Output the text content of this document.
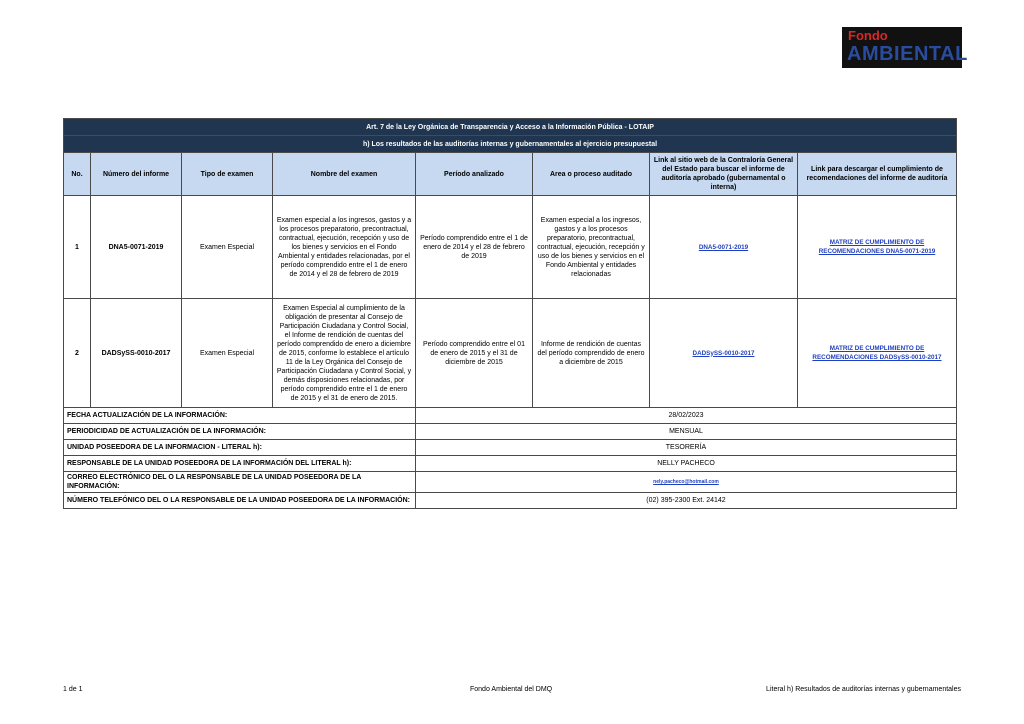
Fondo
AMBIENTAL
Art. 7 de la Ley Orgánica de Transparencia y Acceso a la Información Pública - LOTAIP							
h) Los resultados de las auditorías internas y gubernamentales al ejercicio presupuestal							
No.	Número del informe	Tipo de examen	Nombre del examen	Período analizado	Area o proceso auditado	Link al sitio web de la Contraloría General del Estado para buscar el informe de auditoría aprobado (gubernamental o interna)	Link para descargar el cumplimiento de recomendaciones del informe de auditoría
1	DNA5-0071-2019	Examen Especial	Examen especial a los ingresos, gastos y a los procesos preparatorio, precontractual, contractual, ejecución, recepción y uso de los bienes y servicios en el Fondo Ambiental y entidades relacionadas, por el período comprendido entre el 1 de enero de 2014 y el 28 de febrero de 2019	Período comprendido entre el 1 de enero de 2014 y el 28 de febrero de 2019	Examen especial a los ingresos, gastos y a los procesos preparatorio, precontractual, contractual, ejecución, recepción y uso de los bienes y servicios en el Fondo Ambiental y entidades relacionadas	DNA5-0071-2019	MATRIZ DE CUMPLIMIENTO DE RECOMENDACIONES DNA5-0071-2019
2	DADSySS-0010-2017	Examen Especial	Examen Especial al cumplimiento de la obligación de presentar al Consejo de Participación Ciudadana y Control Social, el Informe de rendición de cuentas del período comprendido de enero a diciembre de 2015, conforme lo establece el artículo 11 de la Ley Orgánica del Consejo de Participación Ciudadana y Control Social, y demás disposiciones relacionadas, por período comprendido entre el 1 de enero de 2015 y el 31 de enero de 2015.	Período comprendido entre el 01 de enero de 2015 y el 31 de diciembre de 2015	Informe de rendición de cuentas del período comprendido de enero a diciembre de 2015	DADSySS-0010-2017	MATRIZ DE CUMPLIMIENTO DE RECOMENDACIONES DADSySS-0010-2017
FECHA ACTUALIZACIÓN DE LA INFORMACIÓN:				28/02/2023			
PERIODICIDAD DE ACTUALIZACIÓN DE LA INFORMACIÓN:				MENSUAL			
UNIDAD POSEEDORA DE LA INFORMACION - LITERAL h):				TESORERÍA			
RESPONSABLE DE LA UNIDAD POSEEDORA DE LA INFORMACIÓN DEL LITERAL h):				NELLY PACHECO			
CORREO ELECTRÓNICO DEL O LA RESPONSABLE DE LA UNIDAD POSEEDORA DE LA INFORMACIÓN:				nely.pacheco@hotmail.com			
NÚMERO TELEFÓNICO DEL O LA RESPONSABLE DE LA UNIDAD POSEEDORA DE LA INFORMACIÓN:				(02) 395-2300 Ext. 24142			
1 de 1	Fondo Ambiental del DMQ	Literal h) Resultados de auditorías internas y gubernamentales
